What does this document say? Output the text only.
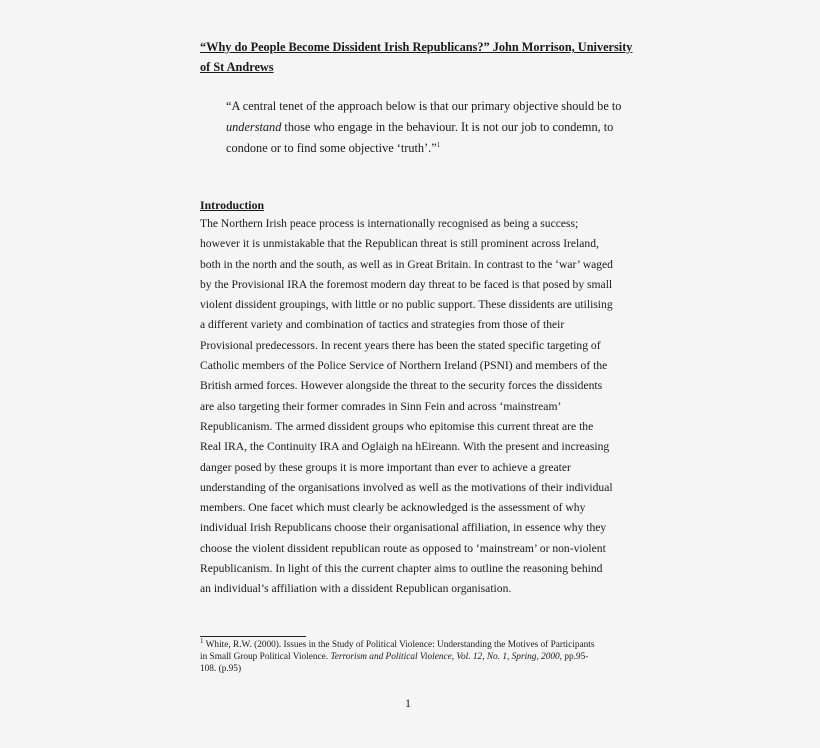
“Why do People Become Dissident Irish Republicans?” John Morrison, University
of St Andrews
“A central tenet of the approach below is that our primary objective should be to
understand those who engage in the behaviour. It is not our job to condemn, to
condone or to find some objective ‘truth’.”$^1$
Introduction

The Northern Irish peace process is internationally recognised as being a success;
however it is unmistakable that the Republican threat is still prominent across Ireland,
both in the north and the south, as well as in Great Britain. In contrast to the ‘war’ waged
by the Provisional IRA the foremost modern day threat to be faced is that posed by small
violent dissident groupings, with little or no public support. These dissidents are utilising
a different variety and combination of tactics and strategies from those of their
Provisional predecessors. In recent years there has been the stated specific targeting of
Catholic members of the Police Service of Northern Ireland (PSNI) and members of the
British armed forces. However alongside the threat to the security forces the dissidents
are also targeting their former comrades in Sinn Fein and across ‘mainstream’
Republicanism. The armed dissident groups who epitomise this current threat are the
Real IRA, the Continuity IRA and Oglaigh na hEireann. With the present and increasing
danger posed by these groups it is more important than ever to achieve a greater
understanding of the organisations involved as well as the motivations of their individual
members. One facet which must clearly be acknowledged is the assessment of why
individual Irish Republicans choose their organisational affiliation, in essence why they
choose the violent dissident republican route as opposed to ‘mainstream’ or non-violent
Republicanism. In light of this the current chapter aims to outline the reasoning behind
an individual’s affiliation with a dissident Republican organisation.

$^1$ White, R.W. (2000). Issues in the Study of Political Violence: Understanding the Motives of Participants
in Small Group Political Violence. Terrorism and Political Violence, Vol. 12, No. 1, Spring, 2000, pp.95-
108. (p.95)
1
